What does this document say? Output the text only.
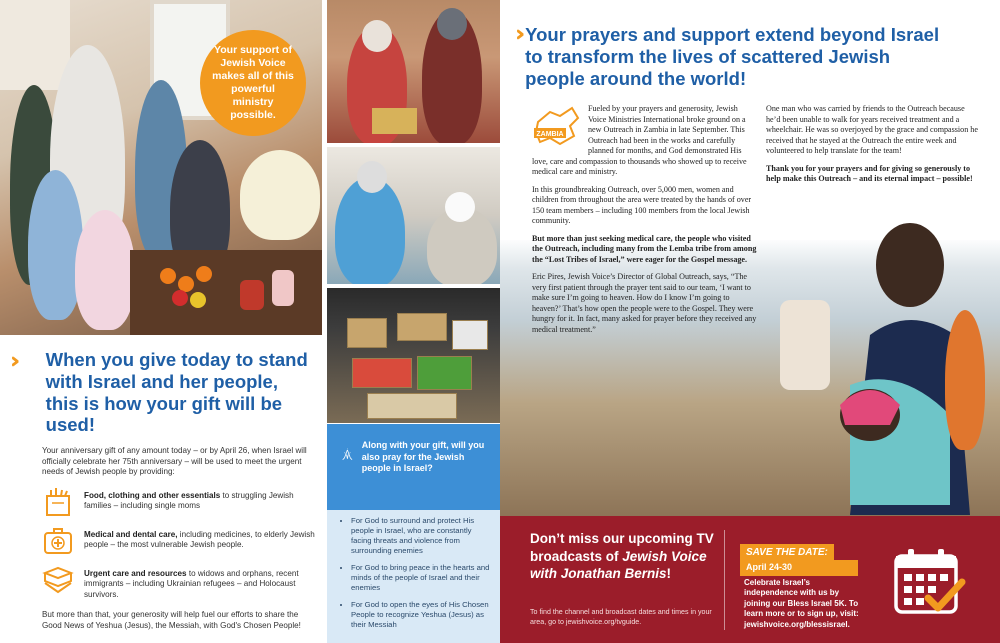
Your support of Jewish Voice makes all of this powerful ministry possible.
››	When you give today to stand with Israel and her people, this is how your gift will be used!

Your anniversary gift of any amount today – or by April 26, when Israel will officially celebrate her 75th anniversary – will be used to meet the urgent needs of Jewish people by providing:

Food, clothing and other essentials to struggling Jewish families – including single moms

Medical and dental care, including medicines, to elderly Jewish people – the most vulnerable Jewish people.

Urgent care and resources to widows and orphans, recent immigrants – including Ukrainian refugees – and Holocaust survivors.

But more than that, your generosity will help fuel our efforts to share the Good News of Yeshua (Jesus), the Messiah, with God's Chosen People!

Along with your gift, will you also pray for the Jewish people in Israel?

• For God to surround and protect His people in Israel, who are constantly facing threats and violence from surrounding enemies
• For God to bring peace in the hearts and minds of the people of Israel and their enemies
• For God to open the eyes of His Chosen People to recognize Yeshua (Jesus) as their Messiah
›› Your prayers and support extend beyond Israel to transform the lives of scattered Jewish people around the world!
ZAMBIA

Fueled by your prayers and generosity, Jewish Voice Ministries International broke ground on a new Outreach in Zambia in late September. This Outreach had been in the works and carefully planned for months, and God demonstrated His love, care and compassion to thousands who showed up to receive medical care and ministry.

In this groundbreaking Outreach, over 5,000 men, women and children from throughout the area were treated by the hands of over 150 team members – including 100 members from the local Jewish community.

But more than just seeking medical care, the people who visited the Outreach, including many from the Lemba tribe from among the “Lost Tribes of Israel,” were eager for the Gospel message.

Eric Pires, Jewish Voice’s Director of Global Outreach, says, “The very first patient through the prayer tent said to our team, ‘I want to make sure I’m going to heaven. How do I know I’m going to heaven?’ That’s how open the people were to the Gospel. They were hungry for it. In fact, many asked for prayer before they received any medical treatment.”

One man who was carried by friends to the Outreach because he’d been unable to walk for years received treatment and a wheelchair. He was so overjoyed by the grace and compassion he received that he stayed at the Outreach the entire week and volunteered to help translate for the team!

Thank you for your prayers and for giving so generously to help make this Outreach – and its eternal impact – possible!

Don’t miss our upcoming TV broadcasts of Jewish Voice with Jonathan Bernis!

To find the channel and broadcast dates and times in your area, go to jewishvoice.org/tvguide.

SAVE THE DATE:
April 24-30

Celebrate Israel’s independence with us by joining our Bless Israel 5K. To learn more or to sign up, visit: jewishvoice.org/blessisrael.
